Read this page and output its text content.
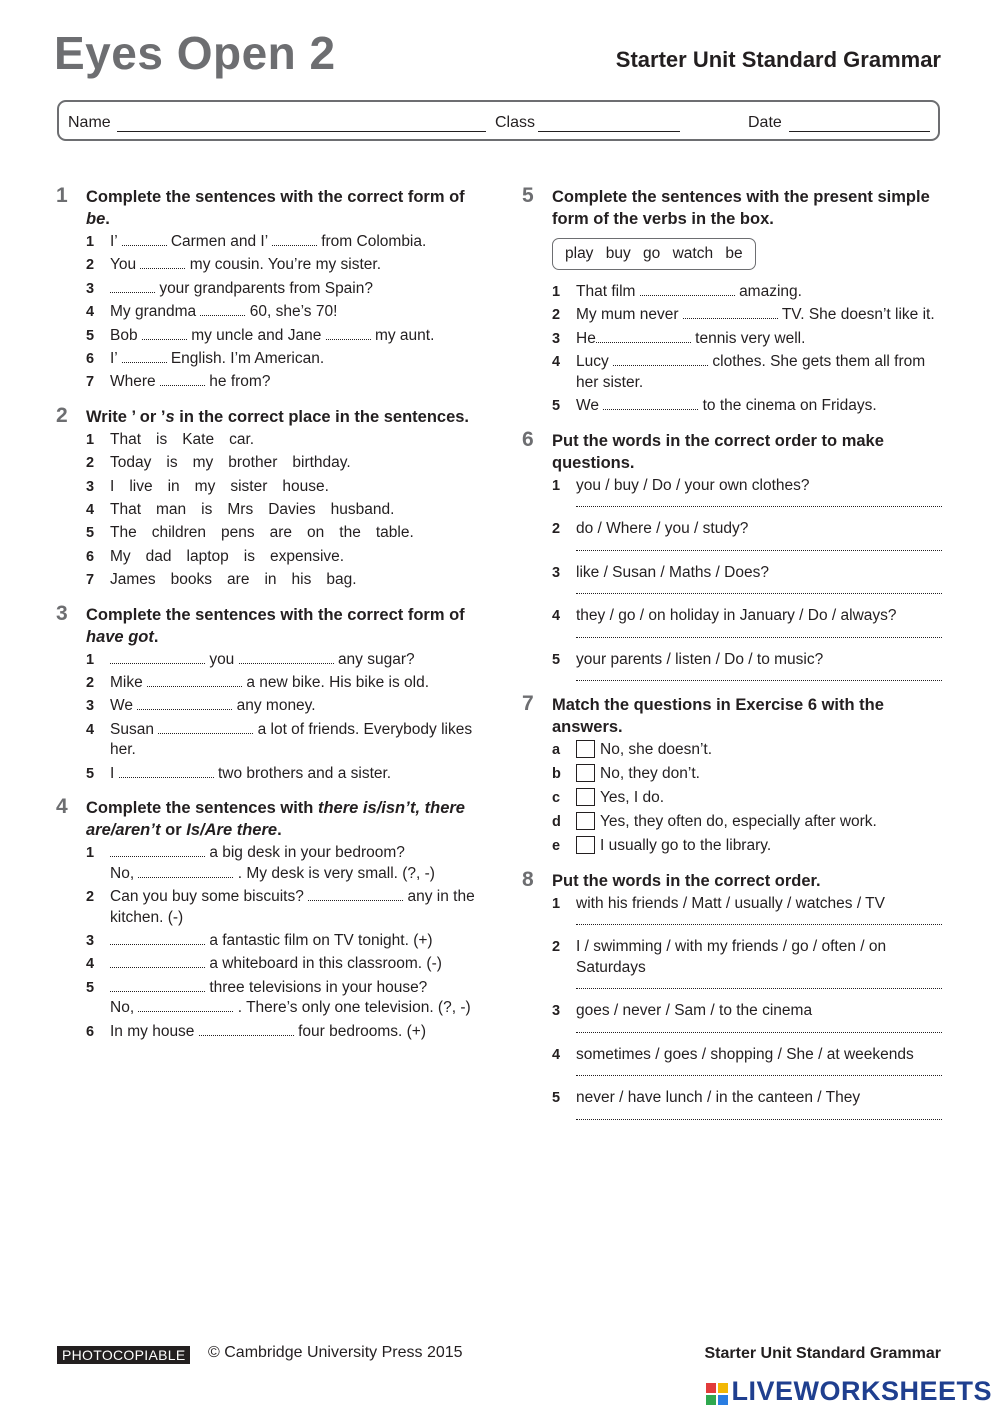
Eyes Open 2	Starter Unit Standard Grammar
Name	Class	Date
1 Complete the sentences with the correct form of be.
1 I’	Carmen and I’	from Colombia.
2 You	my cousin. You’re my sister.
3	your grandparents from Spain?
4 My grandma	60, she’s 70!
5 Bob	my uncle and Jane	my aunt.
6 I’	English. I’m American.
7 Where	he from?
2 Write ’ or ’s in the correct place in the sentences.
1 That is Kate car.
2 Today is my brother birthday.
3 I live in my sister house.
4 That man is Mrs Davies husband.
5 The children pens are on the table.
6 My dad laptop is expensive.
7 James books are in his bag.
3 Complete the sentences with the correct form of have got.
1	you	any sugar?
2 Mike	a new bike. His bike is old.
3 We	any money.
4 Susan	a lot of friends. Everybody likes her.
5 I	two brothers and a sister.
4 Complete the sentences with there is/isn’t, there are/aren’t or Is/Are there.
1	a big desk in your bedroom?
No,	. My desk is very small. (?, -)
2 Can you buy some biscuits?	any in the kitchen. (-)
3	a fantastic film on TV tonight. (+)
4	a whiteboard in this classroom. (-)
5	three televisions in your house?
No,	. There’s only one television. (?, -)
6 In my house	four bedrooms. (+)
5 Complete the sentences with the present simple form of the verbs in the box.
play buy go watch be
1 That film	amazing.
2 My mum never	TV. She doesn’t like it.
3 He	tennis very well.
4 Lucy	clothes. She gets them all from her sister.
5 We	to the cinema on Fridays.
6 Put the words in the correct order to make questions.
1 you / buy / Do / your own clothes?
2 do / Where / you / study?
3 like / Susan / Maths / Does?
4 they / go / on holiday in January / Do / always?
5 your parents / listen / Do / to music?
7 Match the questions in Exercise 6 with the answers.
a	No, she doesn’t.
b	No, they don’t.
c	Yes, I do.
d	Yes, they often do, especially after work.
e	I usually go to the library.
8 Put the words in the correct order.
1 with his friends / Matt / usually / watches / TV
2 I / swimming / with my friends / go / often / on Saturdays
3 goes / never / Sam / to the cinema
4 sometimes / goes / shopping / She / at weekends
5 never / have lunch / in the canteen / They
PHOTOCOPIABLE	© Cambridge University Press 2015	Starter Unit Standard Grammar
LIVEWORKSHEETS
